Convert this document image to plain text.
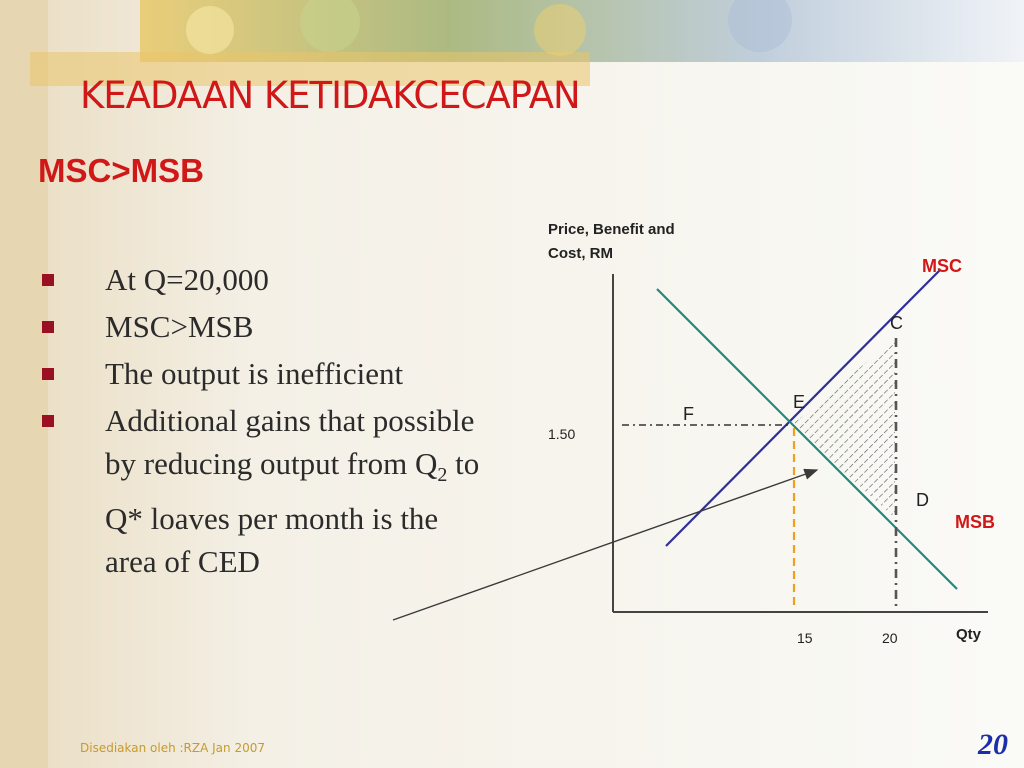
KEADAAN KETIDAKCECAPAN
MSC>MSB
At Q=20,000
MSC>MSB
The output is inefficient
Additional gains that possible by reducing output from $Q_2$ to Q* loaves per month is the area of CED
Price, Benefit and
Cost, RM
1.50
15	20	Qty
MSC
MSB
C
E
F
D
Disediakan oleh :RZA Jan 2007	20
